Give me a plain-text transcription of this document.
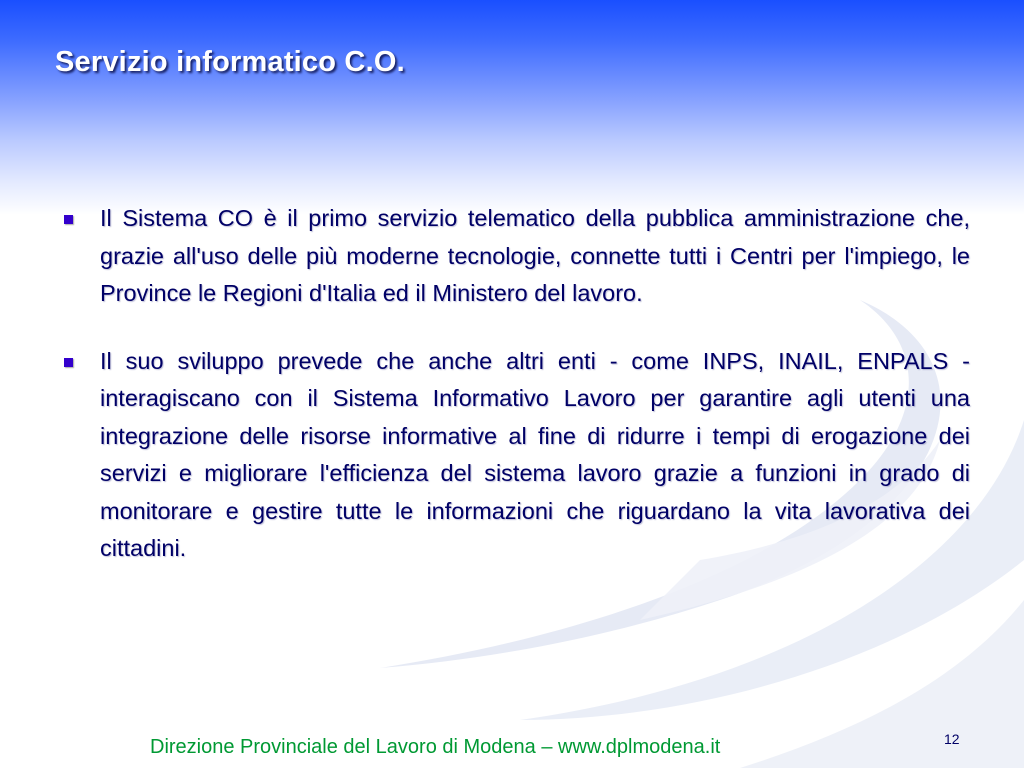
Servizio informatico C.O.
Il Sistema CO è il primo servizio telematico della pubblica amministrazione che, grazie all'uso delle più moderne tecnologie, connette tutti i Centri per l'impiego, le Province le Regioni d'Italia ed il Ministero del lavoro.
Il suo sviluppo prevede che anche altri enti - come INPS, INAIL, ENPALS - interagiscano con il Sistema Informativo Lavoro per garantire agli utenti una integrazione delle risorse informative al fine di ridurre i tempi di erogazione dei servizi e migliorare l'efficienza del sistema lavoro grazie a funzioni in grado di monitorare e gestire tutte le informazioni che riguardano la vita lavorativa dei cittadini.
Direzione Provinciale del Lavoro di Modena – www.dplmodena.it	12
